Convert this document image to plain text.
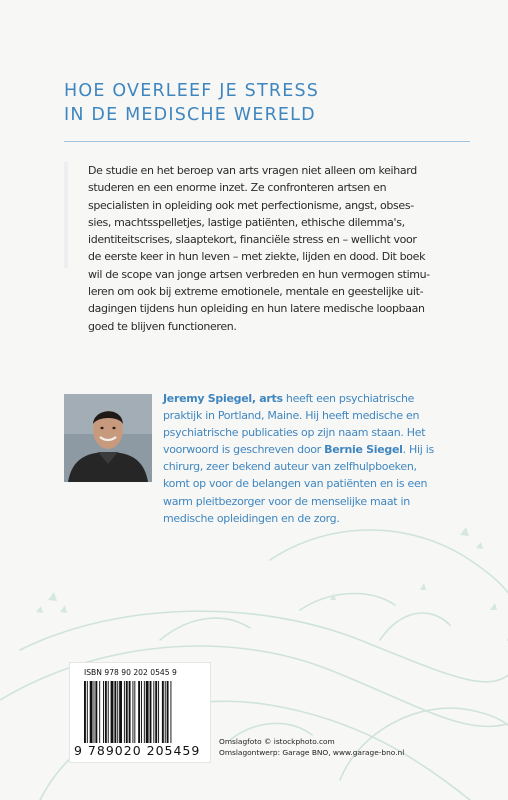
HOE OVERLEEF JE STRESS
IN DE MEDISCHE WERELD
De studie en het beroep van arts vragen niet alleen om keihard
studeren en een enorme inzet. Ze confronteren artsen en
specialisten in opleiding ook met perfectionisme, angst, obses-
sies, machtsspelletjes, lastige patiënten, ethische dilemma's,
identiteitscrises, slaaptekort, financiële stress en – wellicht voor
de eerste keer in hun leven – met ziekte, lijden en dood. Dit boek
wil de scope van jonge artsen verbreden en hun vermogen stimu-
leren om ook bij extreme emotionele, mentale en geestelijke uit-
dagingen tijdens hun opleiding en hun latere medische loopbaan
goed te blijven functioneren.
Jeremy Spiegel, arts heeft een psychiatrische
praktijk in Portland, Maine. Hij heeft medische en
psychiatrische publicaties op zijn naam staan. Het
voorwoord is geschreven door Bernie Siegel. Hij is
chirurg, zeer bekend auteur van zelfhulpboeken,
komt op voor de belangen van patiënten en is een
warm pleitbezorger voor de menselijke maat in
medische opleidingen en de zorg.
ISBN 978 90 202 0545 9
9 789020 205459
Omslagfoto © istockphoto.com
Omslagontwerp: Garage BNO, www.garage-bno.nl
